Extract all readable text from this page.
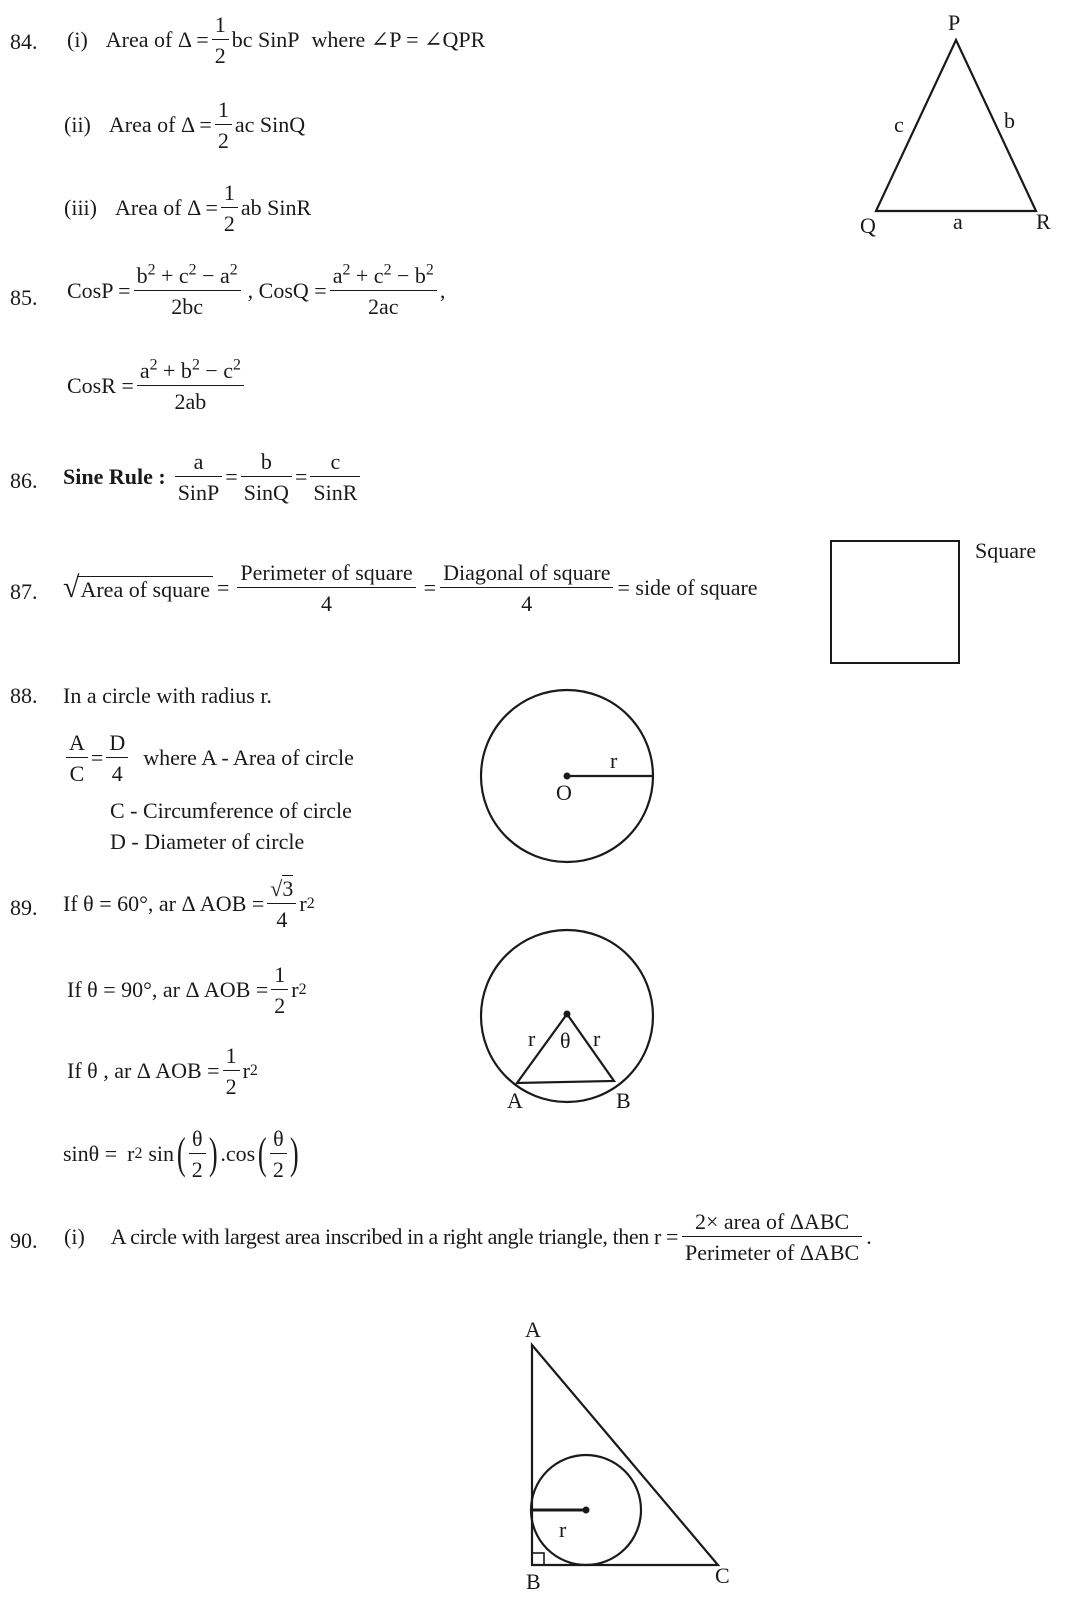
84. (i) Area of $\Delta = \frac{1}{2}$ bc SinP where ∠P = ∠QPR
(ii) Area of $\Delta = \frac{1}{2}$ ac SinQ
(iii) Area of $\Delta = \frac{1}{2}$ ab SinR
P
Q	R
a
b
c
85. CosP = $\frac{b^2 + c^2 - a^2}{2bc}$ , CosQ = $\frac{a^2 + c^2 - b^2}{2ac}$ ,
CosR = $\frac{a^2 + b^2 - c^2}{2ab}$
86. Sine Rule : $\frac{a}{\text{SinP}} = \frac{b}{\text{SinQ}} = \frac{c}{\text{SinR}}$
87. √ Area of square = $\frac{\text{Perimeter of square}}{4} = \frac{\text{Diagonal of square}}{4}$ = side of square
Square
88. In a circle with radius r.
$\frac{A}{C} = \frac{D}{4}$ where A - Area of circle
C - Circumference of circle
D - Diameter of circle
O
r
89. If θ = 60°, ar Δ AOB = $\frac{√3}{4}$ r 2
If θ = 90°, ar Δ AOB = $\frac{1}{2}$ r 2
If θ , ar Δ AOB = $\frac{1}{2}$ r 2
sinθ = r 2 sin ( $\frac{\theta}{2}$ ) .cos ( $\frac{\theta}{2}$ )
r	r
θ
A	B
90. (i) A circle with largest area inscribed in a right angle triangle, then $r = \frac{\text{2× area of ΔABC}}{\text{Perimeter of ΔABC}}$ .
r
A
B	C
